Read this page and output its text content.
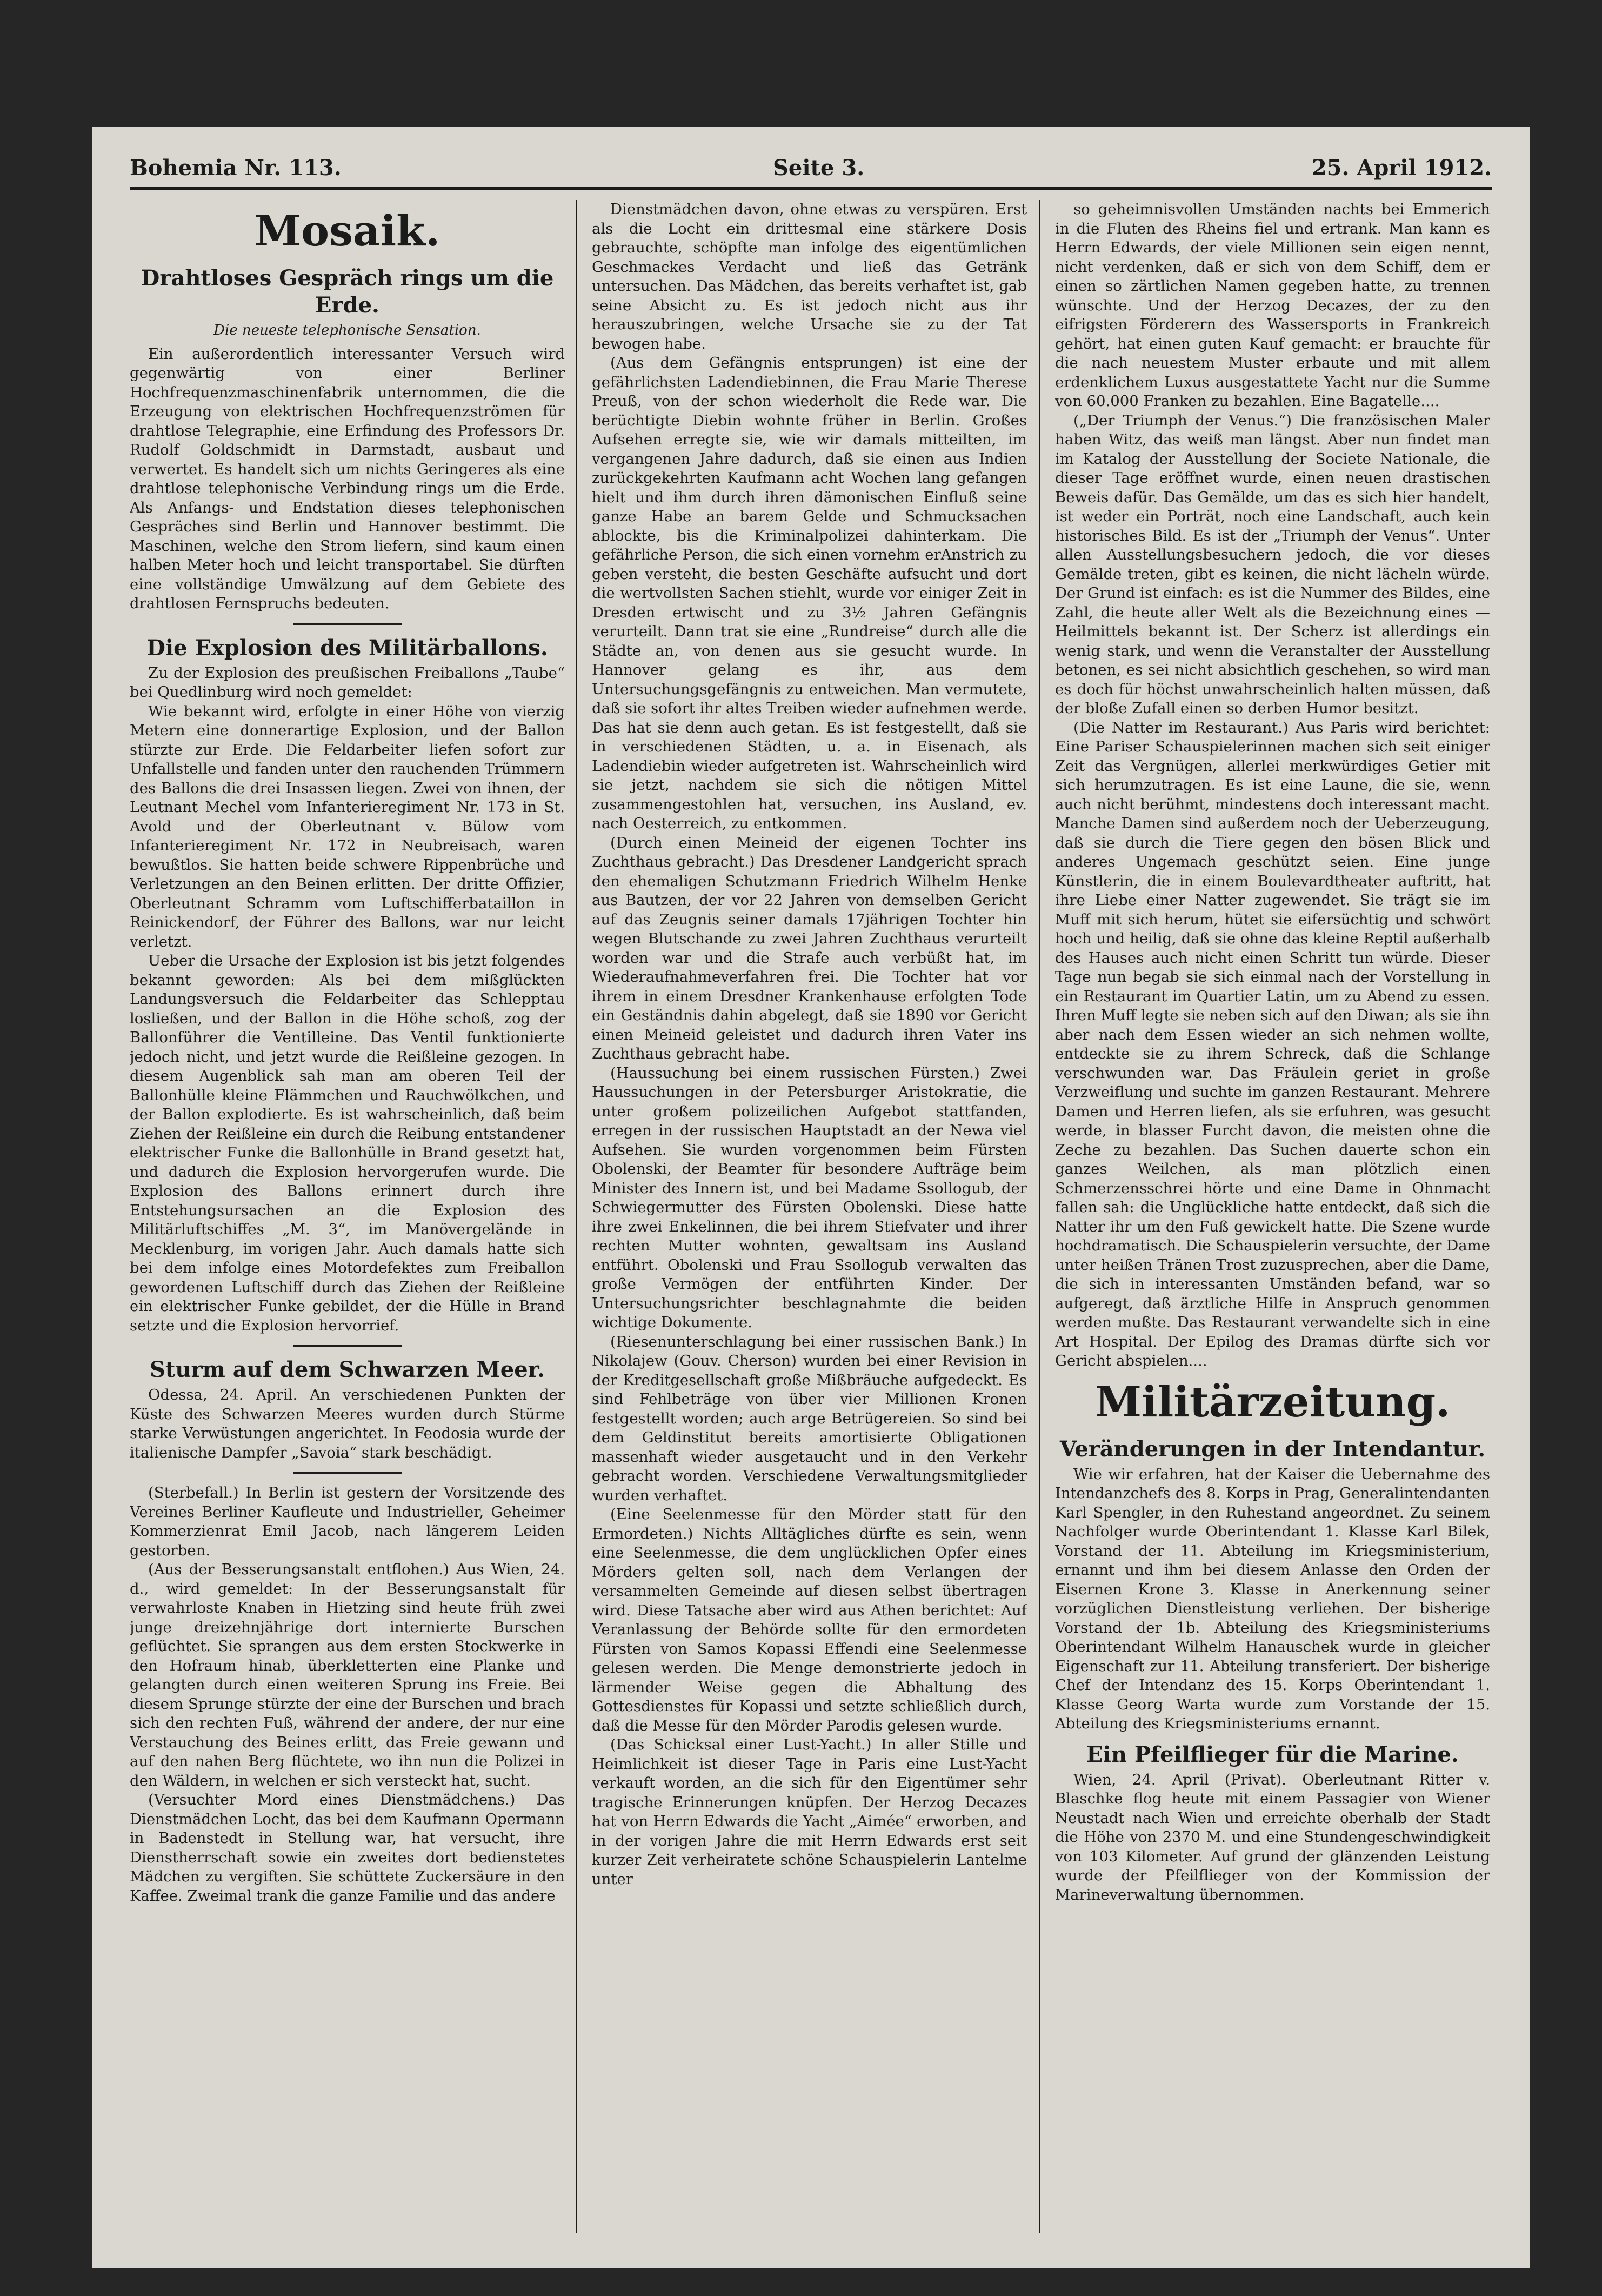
Bohemia Nr. 113.	Seite 3.	25. April 1912.
Mosaik.
Drahtloses Gespräch rings um die Erde.
Die neueste telephonische Sensation.

Ein außerordentlich interessanter Versuch wird gegenwärtig von einer Berliner Hochfrequenzmaschinenfabrik unternommen, die die Erzeugung von elektrischen Hochfrequenzströmen für drahtlose Telegraphie, eine Erfindung des Professors Dr. Rudolf Goldschmidt in Darmstadt, ausbaut und verwertet. Es handelt sich um nichts Geringeres als eine drahtlose telephonische Verbindung rings um die Erde. Als Anfangs- und Endstation dieses telephonischen Gespräches sind Berlin und Hannover bestimmt. Die Maschinen, welche den Strom liefern, sind kaum einen halben Meter hoch und leicht transportabel. Sie dürften eine vollständige Umwälzung auf dem Gebiete des drahtlosen Fernspruchs bedeuten.

Die Explosion des Militärballons.

Zu der Explosion des preußischen Freiballons „Taube“ bei Quedlinburg wird noch gemeldet:

Wie bekannt wird, erfolgte in einer Höhe von vierzig Metern eine donnerartige Explosion, und der Ballon stürzte zur Erde. Die Feldarbeiter liefen sofort zur Unfallstelle und fanden unter den rauchenden Trümmern des Ballons die drei Insassen liegen. Zwei von ihnen, der Leutnant Mechel vom Infanterieregiment Nr. 173 in St. Avold und der Oberleutnant v. Bülow vom Infanterieregiment Nr. 172 in Neubreisach, waren bewußtlos. Sie hatten beide schwere Rippenbrüche und Verletzungen an den Beinen erlitten. Der dritte Offizier, Oberleutnant Schramm vom Luftschifferbataillon in Reinickendorf, der Führer des Ballons, war nur leicht verletzt.

Ueber die Ursache der Explosion ist bis jetzt folgendes bekannt geworden: Als bei dem mißglückten Landungsversuch die Feldarbeiter das Schlepptau losließen, und der Ballon in die Höhe schoß, zog der Ballonführer die Ventilleine. Das Ventil funktionierte jedoch nicht, und jetzt wurde die Reißleine gezogen. In diesem Augenblick sah man am oberen Teil der Ballonhülle kleine Flämmchen und Rauchwölkchen, und der Ballon explodierte. Es ist wahrscheinlich, daß beim Ziehen der Reißleine ein durch die Reibung entstandener elektrischer Funke die Ballonhülle in Brand gesetzt hat, und dadurch die Explosion hervorgerufen wurde. Die Explosion des Ballons erinnert durch ihre Entstehungsursachen an die Explosion des Militärluftschiffes „M. 3“, im Manövergelände in Mecklenburg, im vorigen Jahr. Auch damals hatte sich bei dem infolge eines Motordefektes zum Freiballon gewordenen Luftschiff durch das Ziehen der Reißleine ein elektrischer Funke gebildet, der die Hülle in Brand setzte und die Explosion hervorrief.

Sturm auf dem Schwarzen Meer.

Odessa, 24. April. An verschiedenen Punkten der Küste des Schwarzen Meeres wurden durch Stürme starke Verwüstungen angerichtet. In Feodosia wurde der italienische Dampfer „Savoia“ stark beschädigt.

(Sterbefall.) In Berlin ist gestern der Vorsitzende des Vereines Berliner Kaufleute und Industrieller, Geheimer Kommerzienrat Emil Jacob, nach längerem Leiden gestorben.

(Aus der Besserungsanstalt entflohen.) Aus Wien, 24. d., wird gemeldet: In der Besserungsanstalt für verwahrloste Knaben in Hietzing sind heute früh zwei junge dreizehnjährige dort internierte Burschen geflüchtet. Sie sprangen aus dem ersten Stockwerke in den Hofraum hinab, überkletterten eine Planke und gelangten durch einen weiteren Sprung ins Freie. Bei diesem Sprunge stürzte der eine der Burschen und brach sich den rechten Fuß, während der andere, der nur eine Verstauchung des Beines erlitt, das Freie gewann und auf den nahen Berg flüchtete, wo ihn nun die Polizei in den Wäldern, in welchen er sich versteckt hat, sucht.

(Versuchter Mord eines Dienstmädchens.) Das Dienstmädchen Locht, das bei dem Kaufmann Opermann in Badenstedt in Stellung war, hat versucht, ihre Dienstherrschaft sowie ein zweites dort bedienstetes Mädchen zu vergiften. Sie schüttete Zuckersäure in den Kaffee. Zweimal trank die ganze Familie und das andere

Dienstmädchen davon, ohne etwas zu verspüren. Erst als die Locht ein drittesmal eine stärkere Dosis gebrauchte, schöpfte man infolge des eigentümlichen Geschmackes Verdacht und ließ das Getränk untersuchen. Das Mädchen, das bereits verhaftet ist, gab seine Absicht zu. Es ist jedoch nicht aus ihr herauszubringen, welche Ursache sie zu der Tat bewogen habe.

(Aus dem Gefängnis entsprungen) ist eine der gefährlichsten Ladendiebinnen, die Frau Marie Therese Preuß, von der schon wiederholt die Rede war. Die berüchtigte Diebin wohnte früher in Berlin. Großes Aufsehen erregte sie, wie wir damals mitteilten, im vergangenen Jahre dadurch, daß sie einen aus Indien zurückgekehrten Kaufmann acht Wochen lang gefangen hielt und ihm durch ihren dämonischen Einfluß seine ganze Habe an barem Gelde und Schmucksachen ablockte, bis die Kriminalpolizei dahinterkam. Die gefährliche Person, die sich einen vornehm erAnstrich zu geben versteht, die besten Geschäfte aufsucht und dort die wertvollsten Sachen stiehlt, wurde vor einiger Zeit in Dresden ertwischt und zu 3½ Jahren Gefängnis verurteilt. Dann trat sie eine „Rundreise“ durch alle die Städte an, von denen aus sie gesucht wurde. In Hannover gelang es ihr, aus dem Untersuchungsgefängnis zu entweichen. Man vermutete, daß sie sofort ihr altes Treiben wieder aufnehmen werde. Das hat sie denn auch getan. Es ist festgestellt, daß sie in verschiedenen Städten, u. a. in Eisenach, als Ladendiebin wieder aufgetreten ist. Wahrscheinlich wird sie jetzt, nachdem sie sich die nötigen Mittel zusammengestohlen hat, versuchen, ins Ausland, ev. nach Oesterreich, zu entkommen.

(Durch einen Meineid der eigenen Tochter ins Zuchthaus gebracht.) Das Dresdener Landgericht sprach den ehemaligen Schutzmann Friedrich Wilhelm Henke aus Bautzen, der vor 22 Jahren von demselben Gericht auf das Zeugnis seiner damals 17jährigen Tochter hin wegen Blutschande zu zwei Jahren Zuchthaus verurteilt worden war und die Strafe auch verbüßt hat, im Wiederaufnahmeverfahren frei. Die Tochter hat vor ihrem in einem Dresdner Krankenhause erfolgten Tode ein Geständnis dahin abgelegt, daß sie 1890 vor Gericht einen Meineid geleistet und dadurch ihren Vater ins Zuchthaus gebracht habe.

(Haussuchung bei einem russischen Fürsten.) Zwei Haussuchungen in der Petersburger Aristokratie, die unter großem polizeilichen Aufgebot stattfanden, erregen in der russischen Hauptstadt an der Newa viel Aufsehen. Sie wurden vorgenommen beim Fürsten Obolenski, der Beamter für besondere Aufträge beim Minister des Innern ist, und bei Madame Ssollogub, der Schwiegermutter des Fürsten Obolenski. Diese hatte ihre zwei Enkelinnen, die bei ihrem Stiefvater und ihrer rechten Mutter wohnten, gewaltsam ins Ausland entführt. Obolenski und Frau Ssollogub verwalten das große Vermögen der entführten Kinder. Der Untersuchungsrichter beschlagnahmte die beiden wichtige Dokumente.

(Riesenunterschlagung bei einer russischen Bank.) In Nikolajew (Gouv. Cherson) wurden bei einer Revision in der Kreditgesellschaft große Mißbräuche aufgedeckt. Es sind Fehlbeträge von über vier Millionen Kronen festgestellt worden; auch arge Betrügereien. So sind bei dem Geldinstitut bereits amortisierte Obligationen massenhaft wieder ausgetaucht und in den Verkehr gebracht worden. Verschiedene Verwaltungsmitglieder wurden verhaftet.

(Eine Seelenmesse für den Mörder statt für den Ermordeten.) Nichts Alltägliches dürfte es sein, wenn eine Seelenmesse, die dem unglücklichen Opfer eines Mörders gelten soll, nach dem Verlangen der versammelten Gemeinde auf diesen selbst übertragen wird. Diese Tatsache aber wird aus Athen berichtet: Auf Veranlassung der Behörde sollte für den ermordeten Fürsten von Samos Kopassi Effendi eine Seelenmesse gelesen werden. Die Menge demonstrierte jedoch in lärmender Weise gegen die Abhaltung des Gottesdienstes für Kopassi und setzte schließlich durch, daß die Messe für den Mörder Parodis gelesen wurde.

(Das Schicksal einer Lust-Yacht.) In aller Stille und Heimlichkeit ist dieser Tage in Paris eine Lust-Yacht verkauft worden, an die sich für den Eigentümer sehr tragische Erinnerungen knüpfen. Der Herzog Decazes hat von Herrn Edwards die Yacht „Aimée“ erworben, and in der vorigen Jahre die mit Herrn Edwards erst seit kurzer Zeit verheiratete schöne Schauspielerin Lantelme unter

so geheimnisvollen Umständen nachts bei Emmerich in die Fluten des Rheins fiel und ertrank. Man kann es Herrn Edwards, der viele Millionen sein eigen nennt, nicht verdenken, daß er sich von dem Schiff, dem er einen so zärtlichen Namen gegeben hatte, zu trennen wünschte. Und der Herzog Decazes, der zu den eifrigsten Förderern des Wassersports in Frankreich gehört, hat einen guten Kauf gemacht: er brauchte für die nach neuestem Muster erbaute und mit allem erdenklichem Luxus ausgestattete Yacht nur die Summe von 60.000 Franken zu bezahlen. Eine Bagatelle....

(„Der Triumph der Venus.“) Die französischen Maler haben Witz, das weiß man längst. Aber nun findet man im Katalog der Ausstellung der Societe Nationale, die dieser Tage eröffnet wurde, einen neuen drastischen Beweis dafür. Das Gemälde, um das es sich hier handelt, ist weder ein Porträt, noch eine Landschaft, auch kein historisches Bild. Es ist der „Triumph der Venus“. Unter allen Ausstellungsbesuchern jedoch, die vor dieses Gemälde treten, gibt es keinen, die nicht lächeln würde. Der Grund ist einfach: es ist die Nummer des Bildes, eine Zahl, die heute aller Welt als die Bezeichnung eines — Heilmittels bekannt ist. Der Scherz ist allerdings ein wenig stark, und wenn die Veranstalter der Ausstellung betonen, es sei nicht absichtlich geschehen, so wird man es doch für höchst unwahrscheinlich halten müssen, daß der bloße Zufall einen so derben Humor besitzt.

(Die Natter im Restaurant.) Aus Paris wird berichtet: Eine Pariser Schauspielerinnen machen sich seit einiger Zeit das Vergnügen, allerlei merkwürdiges Getier mit sich herumzutragen. Es ist eine Laune, die sie, wenn auch nicht berühmt, mindestens doch interessant macht. Manche Damen sind außerdem noch der Ueberzeugung, daß sie durch die Tiere gegen den bösen Blick und anderes Ungemach geschützt seien. Eine junge Künstlerin, die in einem Boulevardtheater auftritt, hat ihre Liebe einer Natter zugewendet. Sie trägt sie im Muff mit sich herum, hütet sie eifersüchtig und schwört hoch und heilig, daß sie ohne das kleine Reptil außerhalb des Hauses auch nicht einen Schritt tun würde. Dieser Tage nun begab sie sich einmal nach der Vorstellung in ein Restaurant im Quartier Latin, um zu Abend zu essen. Ihren Muff legte sie neben sich auf den Diwan; als sie ihn aber nach dem Essen wieder an sich nehmen wollte, entdeckte sie zu ihrem Schreck, daß die Schlange verschwunden war. Das Fräulein geriet in große Verzweiflung und suchte im ganzen Restaurant. Mehrere Damen und Herren liefen, als sie erfuhren, was gesucht werde, in blasser Furcht davon, die meisten ohne die Zeche zu bezahlen. Das Suchen dauerte schon ein ganzes Weilchen, als man plötzlich einen Schmerzensschrei hörte und eine Dame in Ohnmacht fallen sah: die Unglückliche hatte entdeckt, daß sich die Natter ihr um den Fuß gewickelt hatte. Die Szene wurde hochdramatisch. Die Schauspielerin versuchte, der Dame unter heißen Tränen Trost zuzusprechen, aber die Dame, die sich in interessanten Umständen befand, war so aufgeregt, daß ärztliche Hilfe in Anspruch genommen werden mußte. Das Restaurant verwandelte sich in eine Art Hospital. Der Epilog des Dramas dürfte sich vor Gericht abspielen....

Militärzeitung.
Veränderungen in der Intendantur.

Wie wir erfahren, hat der Kaiser die Uebernahme des Intendanzchefs des 8. Korps in Prag, Generalintendanten Karl Spengler, in den Ruhestand angeordnet. Zu seinem Nachfolger wurde Oberintendant 1. Klasse Karl Bilek, Vorstand der 11. Abteilung im Kriegsministerium, ernannt und ihm bei diesem Anlasse den Orden der Eisernen Krone 3. Klasse in Anerkennung seiner vorzüglichen Dienstleistung verliehen. Der bisherige Vorstand der 1b. Abteilung des Kriegsministeriums Oberintendant Wilhelm Hanauschek wurde in gleicher Eigenschaft zur 11. Abteilung transferiert. Der bisherige Chef der Intendanz des 15. Korps Oberintendant 1. Klasse Georg Warta wurde zum Vorstande der 15. Abteilung des Kriegsministeriums ernannt.

Ein Pfeilflieger für die Marine.

Wien, 24. April (Privat). Oberleutnant Ritter v. Blaschke flog heute mit einem Passagier von Wiener Neustadt nach Wien und erreichte oberhalb der Stadt die Höhe von 2370 M. und eine Stundengeschwindigkeit von 103 Kilometer. Auf grund der glänzenden Leistung wurde der Pfeilflieger von der Kommission der Marineverwaltung übernommen.
